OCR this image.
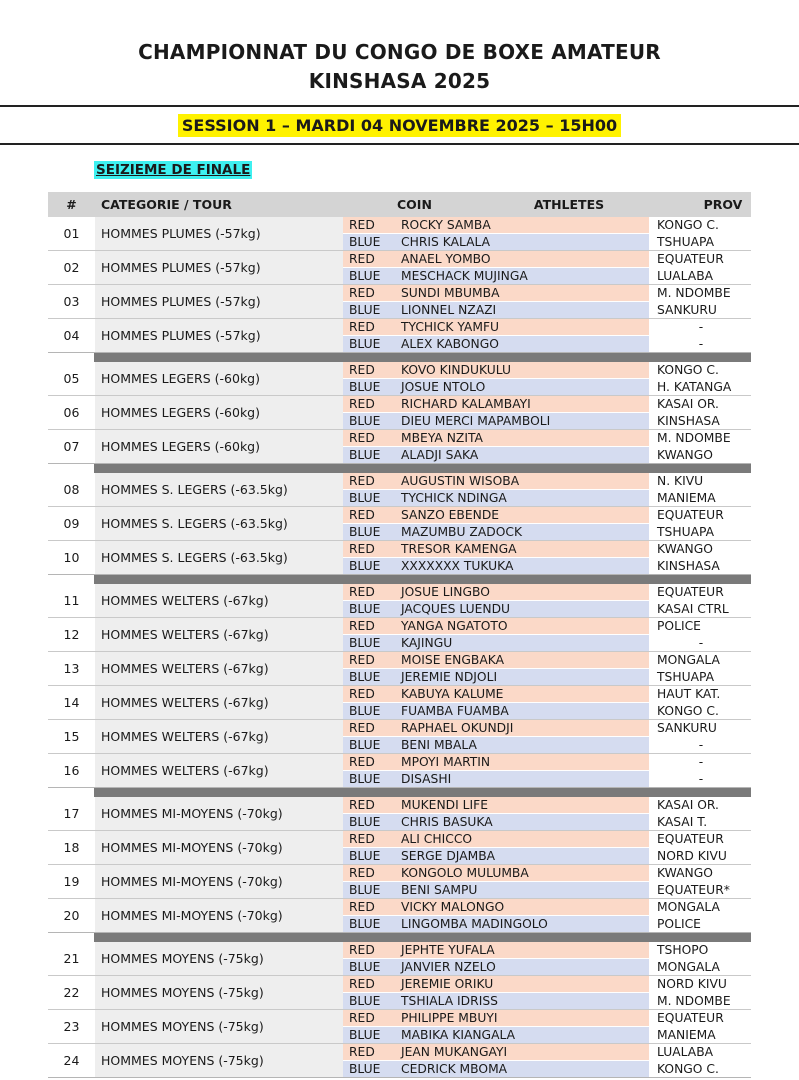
CHAMPIONNAT DU CONGO DE BOXE AMATEUR
KINSHASA 2025
SESSION 1 – MARDI 04 NOVEMBRE 2025 – 15H00
SEIZIEME DE FINALE
#	CATEGORIE / TOUR	COIN	ATHLETES	PROV
01	HOMMES PLUMES (-57kg)
RED	ROCKY SAMBA	KONGO C.
BLUE	CHRIS KALALA	TSHUAPA
02	HOMMES PLUMES (-57kg)
RED	ANAEL YOMBO	EQUATEUR
BLUE	MESCHACK MUJINGA	LUALABA
03	HOMMES PLUMES (-57kg)
RED	SUNDI MBUMBA	M. NDOMBE
BLUE	LIONNEL NZAZI	SANKURU
04	HOMMES PLUMES (-57kg)
RED	TYCHICK YAMFU	-
BLUE	ALEX KABONGO	-
05	HOMMES LEGERS (-60kg)
RED	KOVO KINDUKULU	KONGO C.
BLUE	JOSUE NTOLO	H. KATANGA
06	HOMMES LEGERS (-60kg)
RED	RICHARD KALAMBAYI	KASAI OR.
BLUE	DIEU MERCI MAPAMBOLI	KINSHASA
07	HOMMES LEGERS (-60kg)
RED	MBEYA NZITA	M. NDOMBE
BLUE	ALADJI SAKA	KWANGO
08	HOMMES S. LEGERS (-63.5kg)
RED	AUGUSTIN WISOBA	N. KIVU
BLUE	TYCHICK NDINGA	MANIEMA
09	HOMMES S. LEGERS (-63.5kg)
RED	SANZO EBENDE	EQUATEUR
BLUE	MAZUMBU ZADOCK	TSHUAPA
10	HOMMES S. LEGERS (-63.5kg)
RED	TRESOR KAMENGA	KWANGO
BLUE	XXXXXXX TUKUKA	KINSHASA
11	HOMMES WELTERS (-67kg)
RED	JOSUE LINGBO	EQUATEUR
BLUE	JACQUES LUENDU	KASAI CTRL
12	HOMMES WELTERS (-67kg)
RED	YANGA NGATOTO	POLICE
BLUE	KAJINGU	-
13	HOMMES WELTERS (-67kg)
RED	MOISE ENGBAKA	MONGALA
BLUE	JEREMIE NDJOLI	TSHUAPA
14	HOMMES WELTERS (-67kg)
RED	KABUYA KALUME	HAUT KAT.
BLUE	FUAMBA FUAMBA	KONGO C.
15	HOMMES WELTERS (-67kg)
RED	RAPHAEL OKUNDJI	SANKURU
BLUE	BENI MBALA	-
16	HOMMES WELTERS (-67kg)
RED	MPOYI MARTIN	-
BLUE	DISASHI	-
17	HOMMES MI-MOYENS (-70kg)
RED	MUKENDI LIFE	KASAI OR.
BLUE	CHRIS BASUKA	KASAI T.
18	HOMMES MI-MOYENS (-70kg)
RED	ALI CHICCO	EQUATEUR
BLUE	SERGE DJAMBA	NORD KIVU
19	HOMMES MI-MOYENS (-70kg)
RED	KONGOLO MULUMBA	KWANGO
BLUE	BENI SAMPU	EQUATEUR*
20	HOMMES MI-MOYENS (-70kg)
RED	VICKY MALONGO	MONGALA
BLUE	LINGOMBA MADINGOLO	POLICE
21	HOMMES MOYENS (-75kg)
RED	JEPHTE YUFALA	TSHOPO
BLUE	JANVIER NZELO	MONGALA
22	HOMMES MOYENS (-75kg)
RED	JEREMIE ORIKU	NORD KIVU
BLUE	TSHIALA IDRISS	M. NDOMBE
23	HOMMES MOYENS (-75kg)
RED	PHILIPPE MBUYI	EQUATEUR
BLUE	MABIKA KIANGALA	MANIEMA
24	HOMMES MOYENS (-75kg)
RED	JEAN MUKANGAYI	LUALABA
BLUE	CEDRICK MBOMA	KONGO C.
